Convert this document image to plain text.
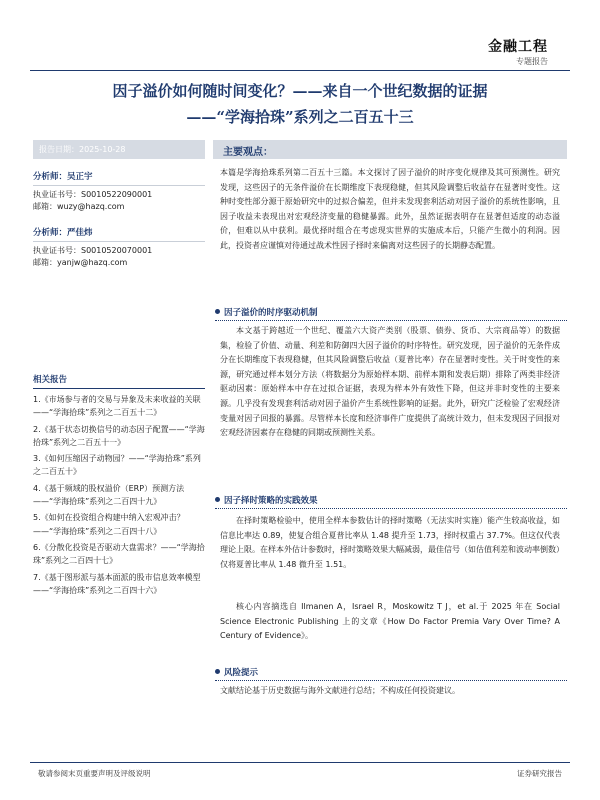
金融工程
专题报告
因子溢价如何随时间变化？——来自一个世纪数据的证据
——“学海拾珠”系列之二百五十三
报告日期：2025-10-28
分析师：吴正宇
执业证书号：S0010522090001
邮箱：wuzy@hazq.com
分析师：严佳炜
执业证书号：S0010520070001
邮箱：yanjw@hazq.com
相关报告
1.《市场参与者的交易与异象及未来收益的关联——“学海拾珠”系列之二百五十二》
2.《基于状态切换信号的动态因子配置——“学海拾珠”系列之二百五十一》
3.《如何压缩因子动物园？——“学海拾珠”系列之二百五十》
4.《基于频域的股权溢价（ERP）预测方法——“学海拾珠”系列之二百四十九》
5.《如何在投资组合构建中纳入宏观冲击？——“学海拾珠”系列之二百四十八》
6.《分散化投资是否驱动大盘需求？——“学海拾珠”系列之二百四十七》
7.《基于图形派与基本面派的股市信息效率模型——“学海拾珠”系列之二百四十六》
主要观点：
本篇是学海拾珠系列第二百五十三篇。本文探讨了因子溢价的时序变化规律及其可预测性。研究发现，这些因子的无条件溢价在长期维度下表现稳健，但其风险调整后收益存在显著时变性。这种时变性部分源于原始研究中的过拟合偏差，但并未发现套利活动对因子溢价的系统性影响，且因子收益未表现出对宏观经济变量的稳健暴露。此外，虽然证据表明存在显著但适度的动态溢价，但难以从中获利。最优择时组合在考虑现实世界的实施成本后，只能产生微小的利润。因此，投资者应谨慎对待通过战术性因子择时来偏离对这些因子的长期静态配置。
因子溢价的时序驱动机制
本文基于跨越近一个世纪、覆盖六大资产类别（股票、债券、货币、大宗商品等）的数据集，检验了价值、动量、利差和防御四大因子溢价的时序特性。研究发现，因子溢价的无条件成分在长期维度下表现稳健，但其风险调整后收益（夏普比率）存在显著时变性。关于时变性的来源，研究通过样本划分方法（将数据分为原始样本期、前样本期和发表后期）排除了两类非经济驱动因素：原始样本中存在过拟合证据，表现为样本外有效性下降，但这并非时变性的主要来源。几乎没有发现套利活动对因子溢价产生系统性影响的证据。此外，研究广泛检验了宏观经济变量对因子回报的暴露。尽管样本长度和经济事件广度提供了高统计效力，但未发现因子回报对宏观经济因素存在稳健的同期或预测性关系。
因子择时策略的实践效果
在择时策略检验中，使用全样本参数估计的择时策略（无法实时实施）能产生较高收益，如信息比率达 0.89，使复合组合夏普比率从 1.48 提升至 1.73，择时权重占 37.7%。但这仅代表理论上限。在样本外估计参数时，择时策略效果大幅减弱，最佳信号（如估值利差和波动率倒数）仅将夏普比率从 1.48 微升至 1.51。
核心内容摘选自 Ilmanen A，Israel R，Moskowitz T J，et al.于 2025 年在 Social Science Electronic Publishing 上的文章《How Do Factor Premia Vary Over Time? A Century of Evidence》。
风险提示
文献结论基于历史数据与海外文献进行总结；不构成任何投资建议。
敬请参阅末页重要声明及评级说明	证券研究报告
